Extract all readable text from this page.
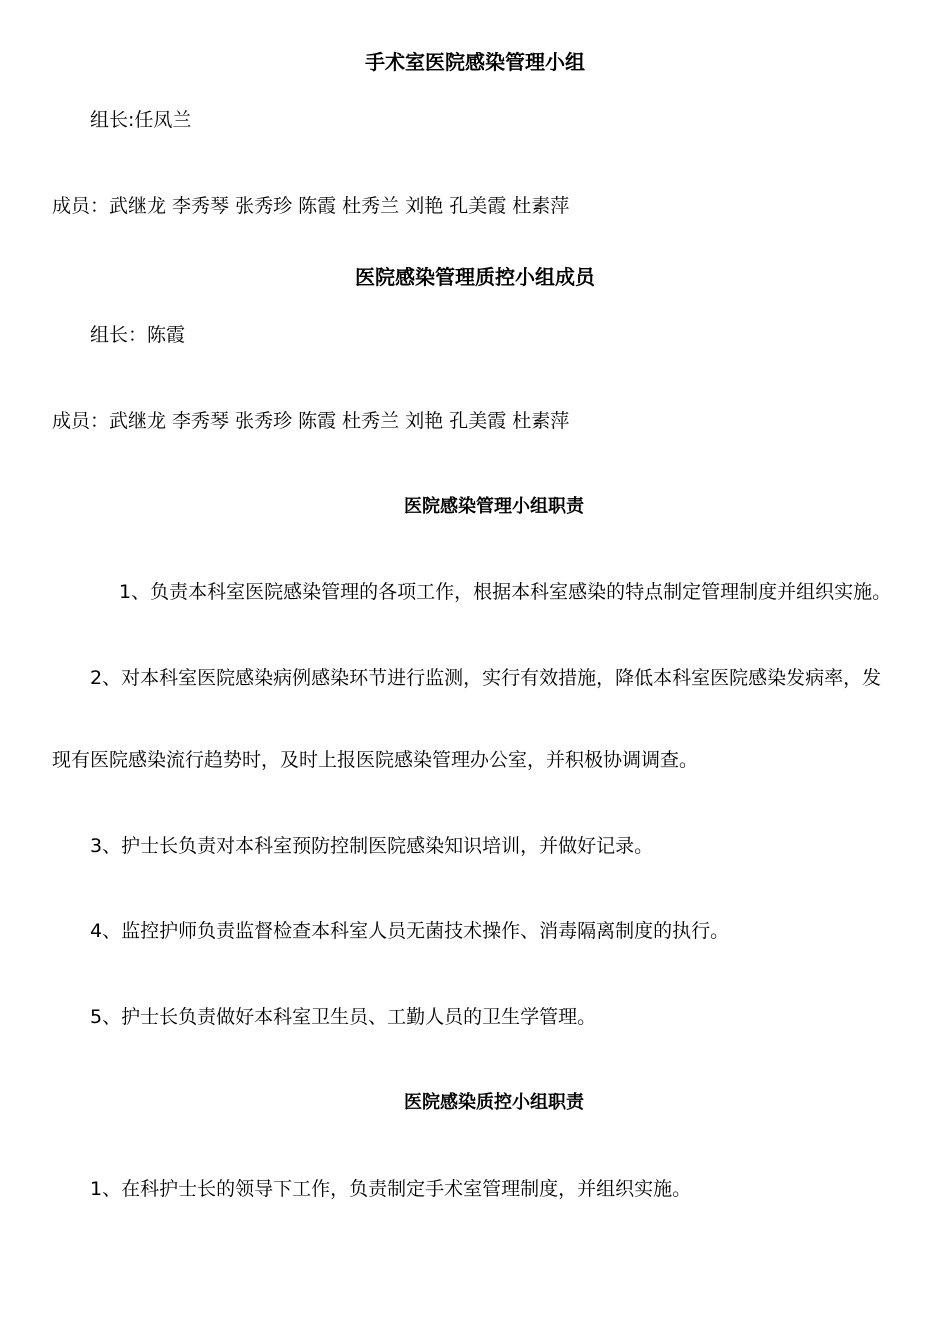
手术室医院感染管理小组
组长:任凤兰
成员：武继龙 李秀琴 张秀珍 陈霞 杜秀兰 刘艳 孔美霞 杜素萍
医院感染管理质控小组成员
组长：陈霞
成员：武继龙 李秀琴 张秀珍 陈霞 杜秀兰 刘艳 孔美霞 杜素萍
医院感染管理小组职责
1、负责本科室医院感染管理的各项工作，根据本科室感染的特点制定管理制度并组织实施。
2、对本科室医院感染病例感染环节进行监测，实行有效措施，降低本科室医院感染发病率，发
现有医院感染流行趋势时，及时上报医院感染管理办公室，并积极协调调查。
3、护士长负责对本科室预防控制医院感染知识培训，并做好记录。
4、监控护师负责监督检查本科室人员无菌技术操作、消毒隔离制度的执行。
5、护士长负责做好本科室卫生员、工勤人员的卫生学管理。
医院感染质控小组职责
1、在科护士长的领导下工作，负责制定手术室管理制度，并组织实施。
